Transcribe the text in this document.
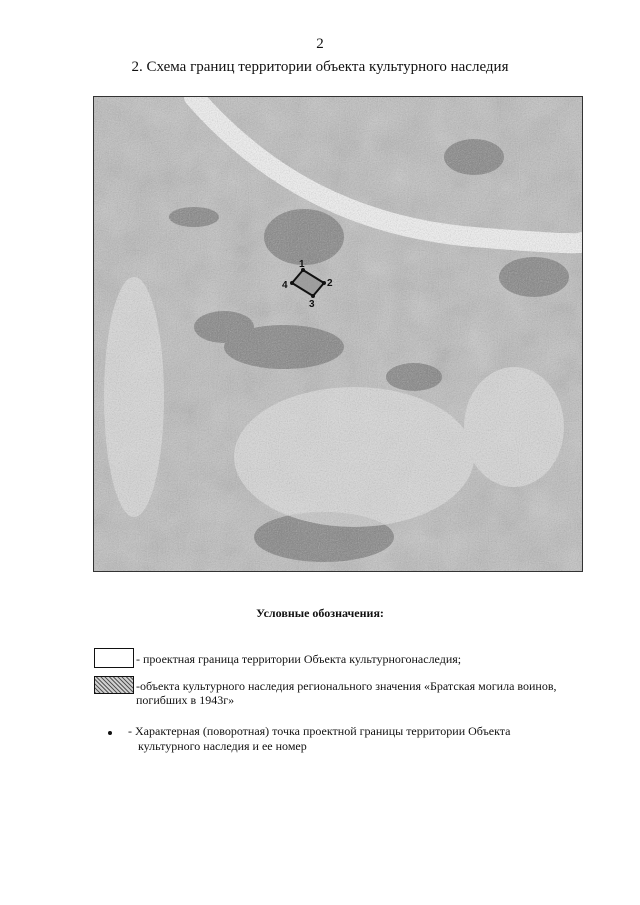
2
2. Схема границ территории объекта культурного наследия
1
2
3
4
Условные обозначения:
- проектная граница территории Объекта культурногонаследия;
-объекта культурного наследия регионального значения «Братская могила воинов,
погибших в 1943г»
- Характерная (поворотная) точка проектной границы территории Объекта
культурного наследия и ее номер
